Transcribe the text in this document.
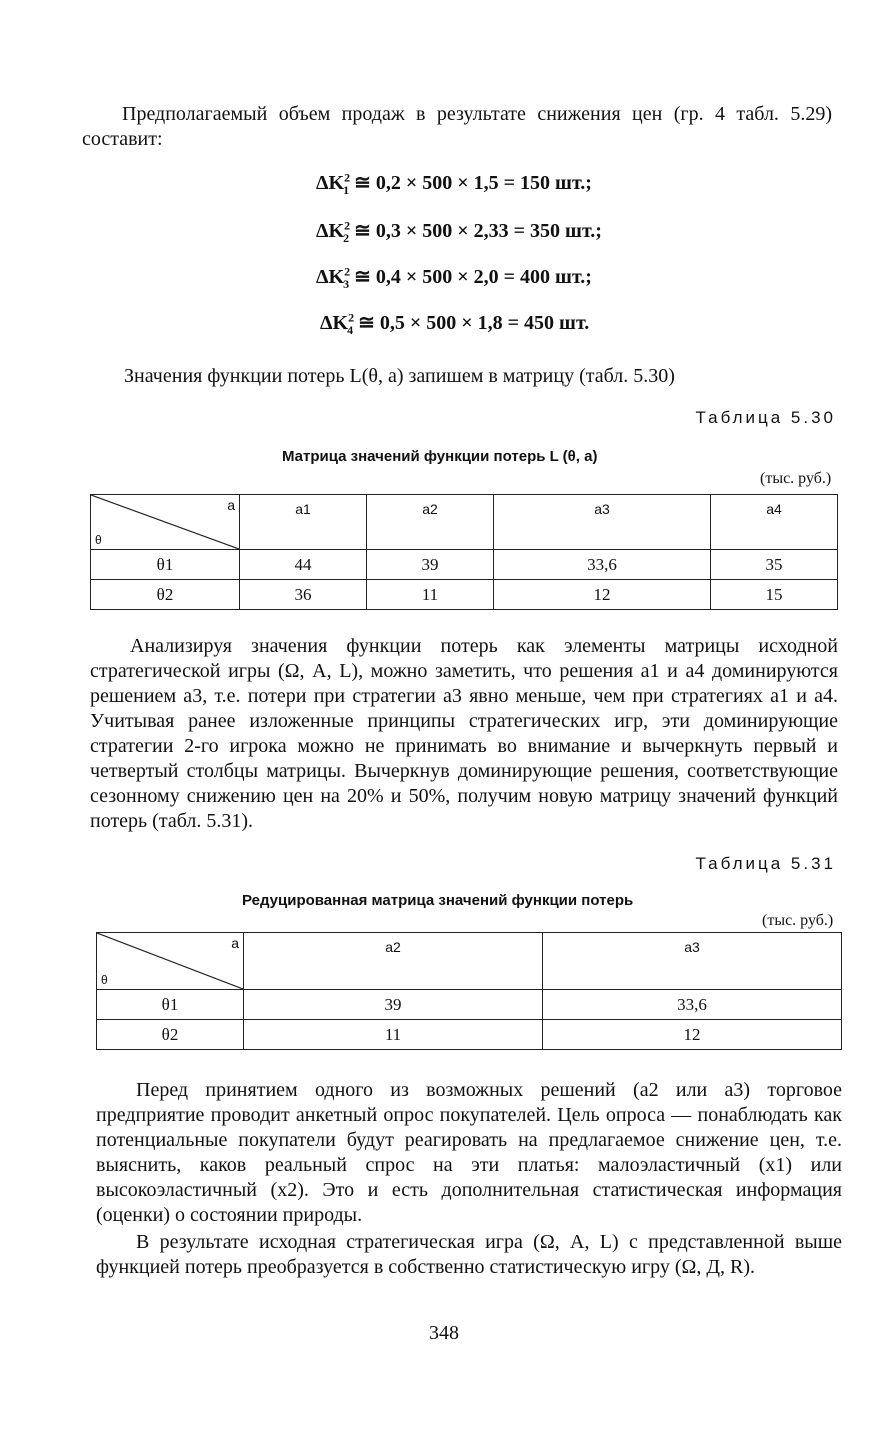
Предполагаемый объем продаж в результате снижения цен (гр. 4 табл. 5.29) составит:

$\Delta K^2_1$ ≅ 0,2 × 500 × 1,5 = 150 шт.;
$\Delta K^2_2$ ≅ 0,3 × 500 × 2,33 = 350 шт.;
$\Delta K^2_3$ ≅ 0,4 × 500 × 2,0 = 400 шт.;
$\Delta K^2_4$ ≅ 0,5 × 500 × 1,8 = 450 шт.

Значения функции потерь L(θ, a) запишем в матрицу (табл. 5.30)

Таблица 5.30
Матрица значений функции потерь L (θ, a)
(тыс. руб.)
a
θ	a1	a2	a3	a4
θ1	44	39	33,6	35
θ2	36	11	12	15

Анализируя значения функции потерь как элементы матрицы исходной стратегической игры (Ω, A, L), можно заметить, что решения a1 и a4 доминируются решением a3, т.е. потери при стратегии a3 явно меньше, чем при стратегиях a1 и a4. Учитывая ранее изложенные принципы стратегических игр, эти доминирующие стратегии 2-го игрока можно не принимать во внимание и вычеркнуть первый и четвертый столбцы матрицы. Вычеркнув доминирующие решения, соответствующие сезонному снижению цен на 20% и 50%, получим новую матрицу значений функций потерь (табл. 5.31).

Таблица 5.31
Редуцированная матрица значений функции потерь
(тыс. руб.)
a
θ	a2	a3
θ1	39	33,6
θ2	11	12

Перед принятием одного из возможных решений (a2 или a3) торговое предприятие проводит анкетный опрос покупателей. Цель опроса — понаблюдать как потенциальные покупатели будут реагировать на предлагаемое снижение цен, т.е. выяснить, каков реальный спрос на эти платья: малоэластичный (x1) или высокоэластичный (x2). Это и есть дополнительная статистическая информация (оценки) о состоянии природы.

В результате исходная стратегическая игра (Ω, A, L) с представленной выше функцией потерь преобразуется в собственно статистическую игру (Ω, Д, R).

348
